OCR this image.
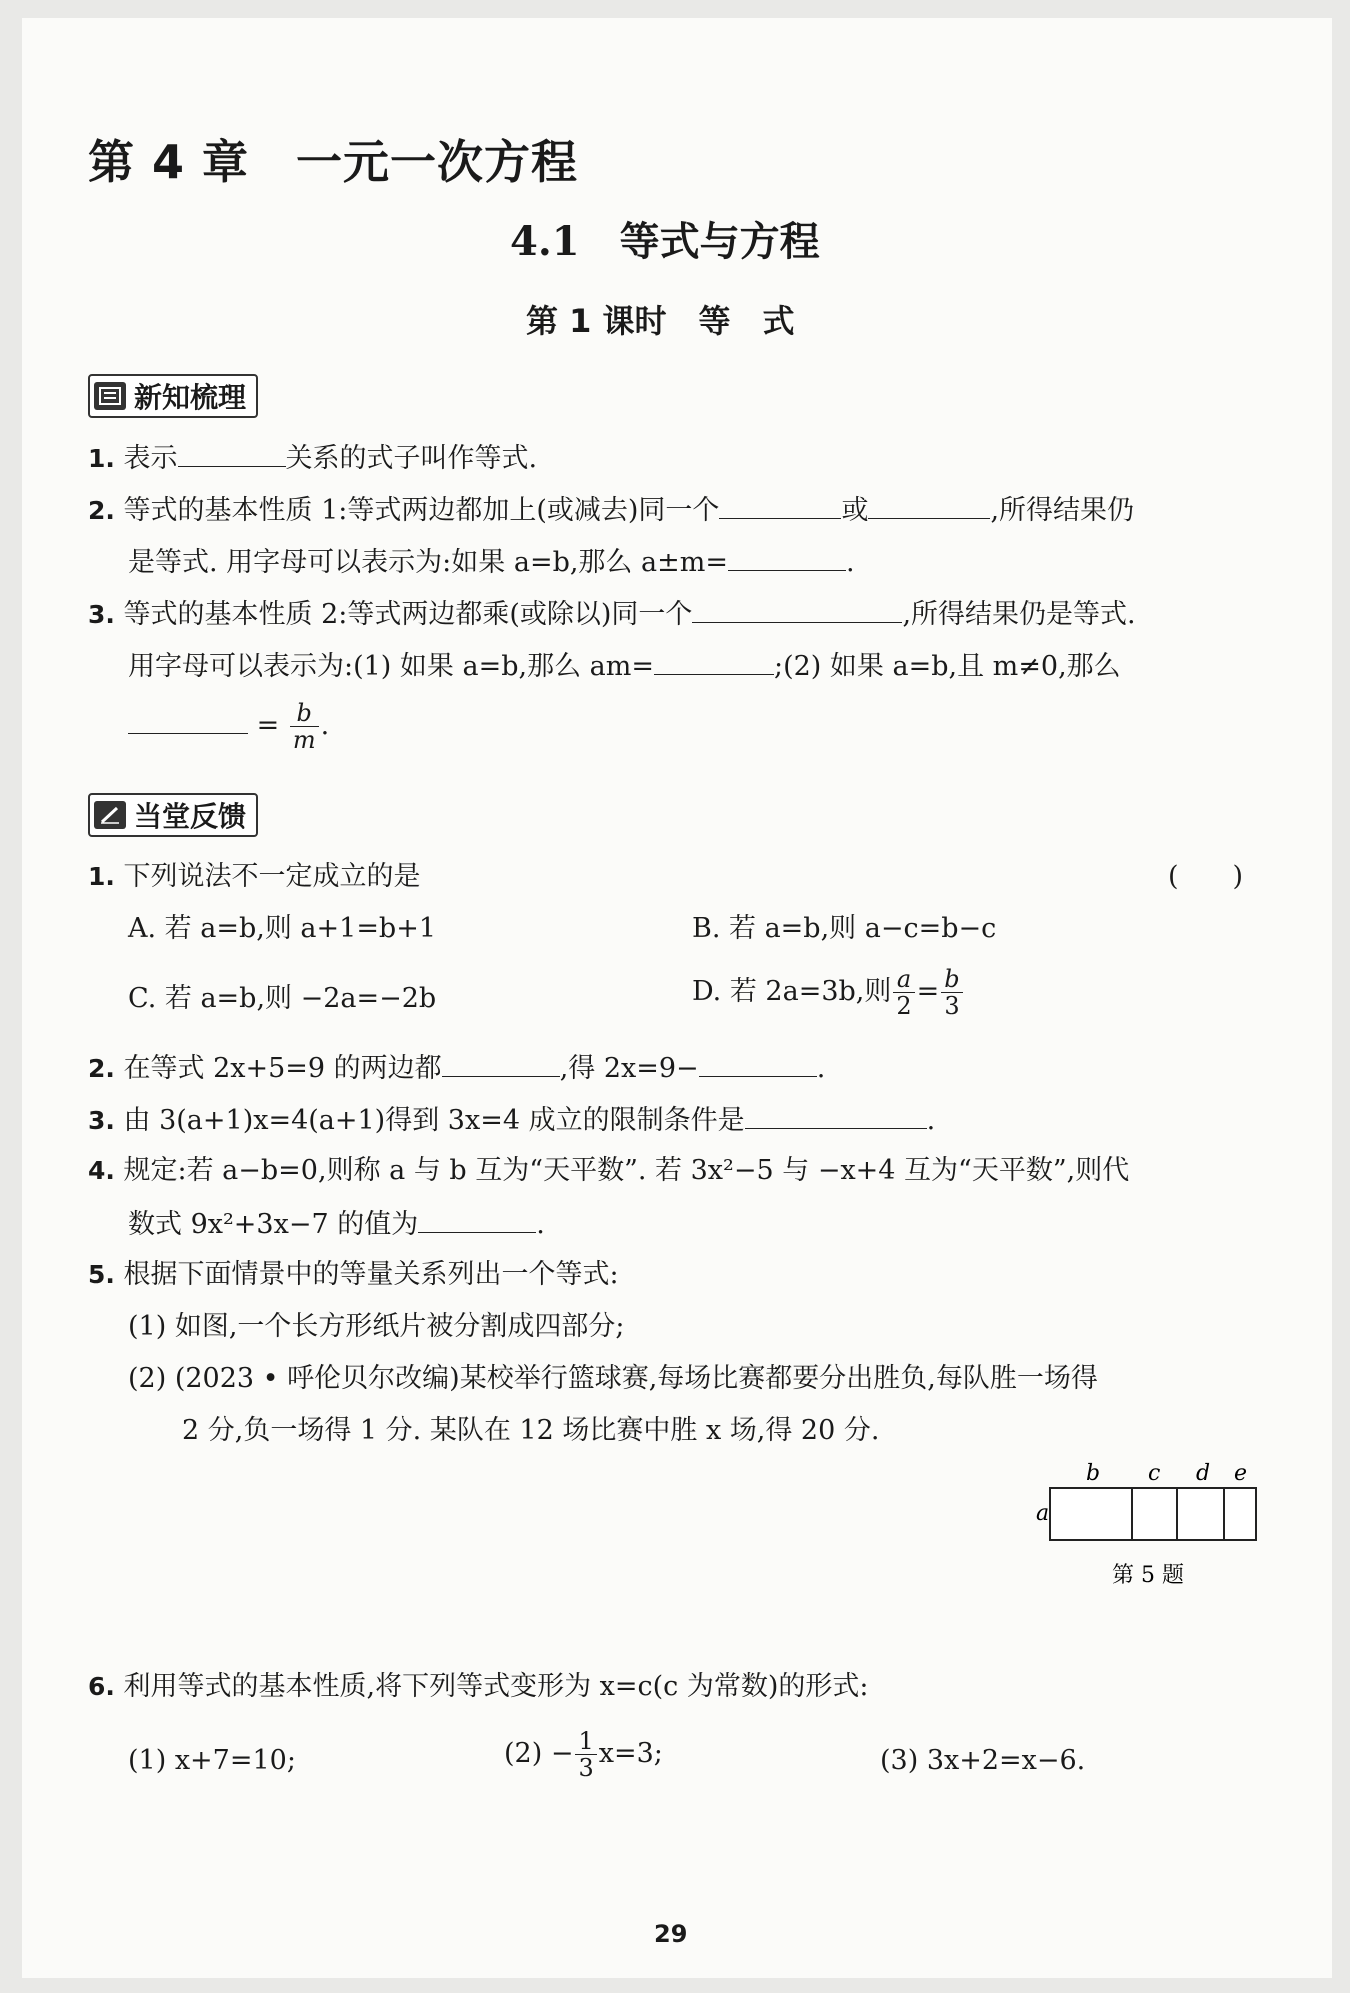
第 4 章　一元一次方程
4.1　等式与方程
第 1 课时　等　式
新知梳理
1. 表示	关系的式子叫作等式.
2. 等式的基本性质 1:等式两边都加上(或减去)同一个	或	,所得结果仍
是等式. 用字母可以表示为:如果 a=b,那么 a±m=	.
3. 等式的基本性质 2:等式两边都乘(或除以)同一个	,所得结果仍是等式.
用字母可以表示为:(1) 如果 a=b,那么 am=	;(2) 如果 a=b,且 m≠0,那么
= $\frac{b}{m}$ .
当堂反馈
1. 下列说法不一定成立的是	(　　)
A. 若 a=b,则 a+1=b+1	B. 若 a=b,则 a−c=b−c
C. 若 a=b,则 −2a=−2b	D. 若 2a=3b,则 $\frac{a}{2} = \frac{b}{3}$
2. 在等式 2x+5=9 的两边都	,得 2x=9−	.
3. 由 3(a+1)x=4(a+1)得到 3x=4 成立的限制条件是	.
4. 规定:若 a−b=0,则称 a 与 b 互为“天平数”. 若 3x²−5 与 −x+4 互为“天平数”,则代
数式 9x²+3x−7 的值为	.
5. 根据下面情景中的等量关系列出一个等式:
(1) 如图,一个长方形纸片被分割成四部分;
(2) (2023 • 呼伦贝尔改编)某校举行篮球赛,每场比赛都要分出胜负,每队胜一场得
2 分,负一场得 1 分. 某队在 12 场比赛中胜 x 场,得 20 分.
a
b c d e
第 5 题
6. 利用等式的基本性质,将下列等式变形为 x=c(c 为常数)的形式:
(1) x+7=10;	$(2) - \frac{1}{3} x=3$;	(3) 3x+2=x−6.
29
